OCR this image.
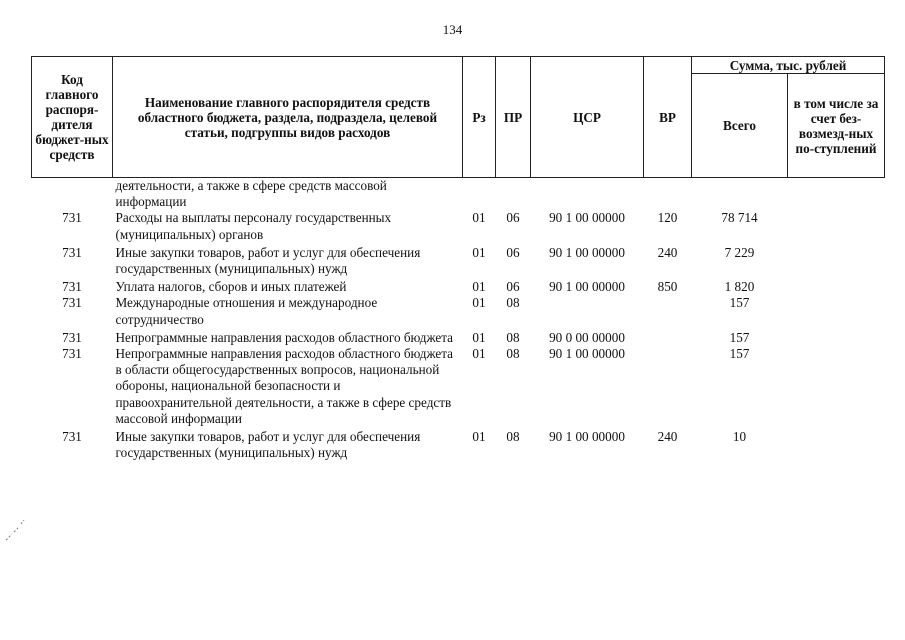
134
Код главного распоря-дителя бюджет-ных средств	Наименование главного распорядителя средств областного бюджета, раздела, подраздела, целевой статьи, подгруппы видов расходов	Рз	ПР	ЦСР	ВР	Сумма, тыс. рублей	
						Всего	в том числе за счет без-возмезд-ных по-ступлений
	деятельности, а также в сфере средств массовой информации						
731	Расходы на выплаты персоналу государственных (муниципальных) органов	01	06	90 1 00 00000	120	78 714	
731	Иные закупки товаров, работ и услуг для обеспечения государственных (муниципальных) нужд	01	06	90 1 00 00000	240	7 229	
731	Уплата налогов, сборов и иных платежей	01	06	90 1 00 00000	850	1 820	
731	Международные отношения и международное сотрудничество	01	08			157	
731	Непрограммные направления расходов областного бюджета	01	08	90 0 00 00000		157	
731	Непрограммные направления расходов областного бюджета в области общегосударственных вопросов, национальной обороны, национальной безопасности и правоохранительной деятельности, а также в сфере средств массовой информации	01	08	90 1 00 00000		157	
731	Иные закупки товаров, работ и услуг для обеспечения государственных (муниципальных) нужд	01	08	90 1 00 00000	240	10	
